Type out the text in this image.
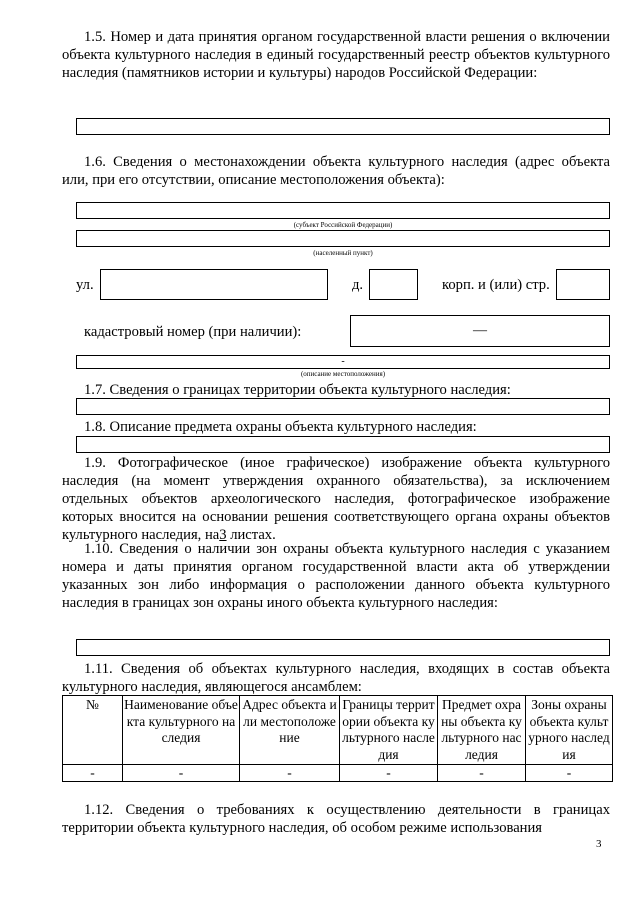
1.5. Номер и дата принятия органом государственной власти решения о включении объекта культурного наследия в единый государственный реестр объектов культурного наследия (памятников истории и культуры) народов Российской Федерации:

1.6. Сведения о местонахождении объекта культурного наследия (адрес объекта или, при его отсутствии, описание местоположения объекта):

(субъект Российской Федерации)
(населенный пункт)
ул.	д.	корп. и (или) стр.
кадастровый номер (при наличии):	—
-
(описание местоположения)

1.7. Сведения о границах территории объекта культурного наследия:

1.8. Описание предмета охраны объекта культурного наследия:

1.9. Фотографическое (иное графическое) изображение объекта культурного наследия (на момент утверждения охранного обязательства), за исключением отдельных объектов археологического наследия, фотографическое изображение которых вносится на основании решения соответствующего органа охраны объектов культурного наследия, на3 листах.

1.10. Сведения о наличии зон охраны объекта культурного наследия с указанием номера и даты принятия органом государственной власти акта об утверждении указанных зон либо информация о расположении данного объекта культурного наследия в границах зон охраны иного объекта культурного наследия:

1.11. Сведения об объектах культурного наследия, входящих в состав объекта культурного наследия, являющегося ансамблем:

№	Наименование объекта культурного наследия	Адрес объекта или местоположение	Границы территории объекта культурного наследия	Предмет охраны объекта культурного наследия	Зоны охраны объекта культурного наследия
-	-	-	-	-	-

1.12. Сведения о требованиях к осуществлению деятельности в границах территории объекта культурного наследия, об особом режиме использования

3
